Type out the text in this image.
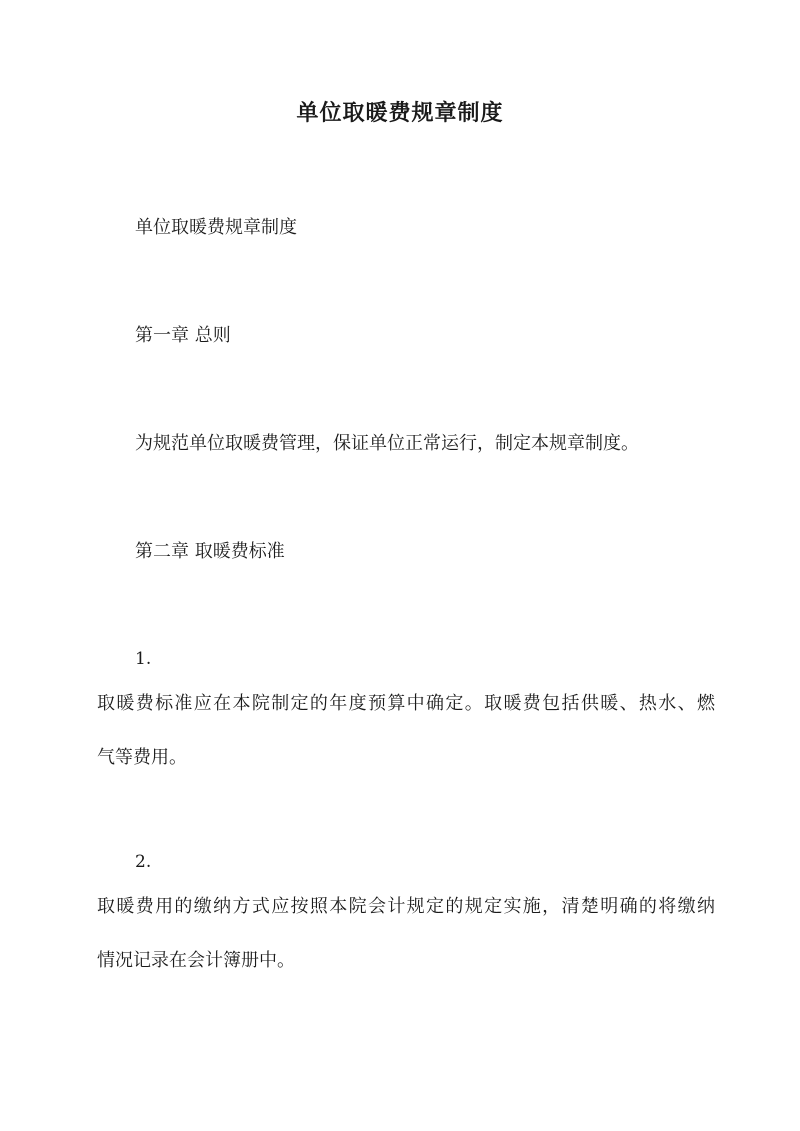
单位取暖费规章制度
单位取暖费规章制度
第一章 总则
为规范单位取暖费管理，保证单位正常运行，制定本规章制度。
第二章 取暖费标准
1.
取暖费标准应在本院制定的年度预算中确定。取暖费包括供暖、热水、燃
气等费用。
2.
取暖费用的缴纳方式应按照本院会计规定的规定实施，清楚明确的将缴纳
情况记录在会计簿册中。
